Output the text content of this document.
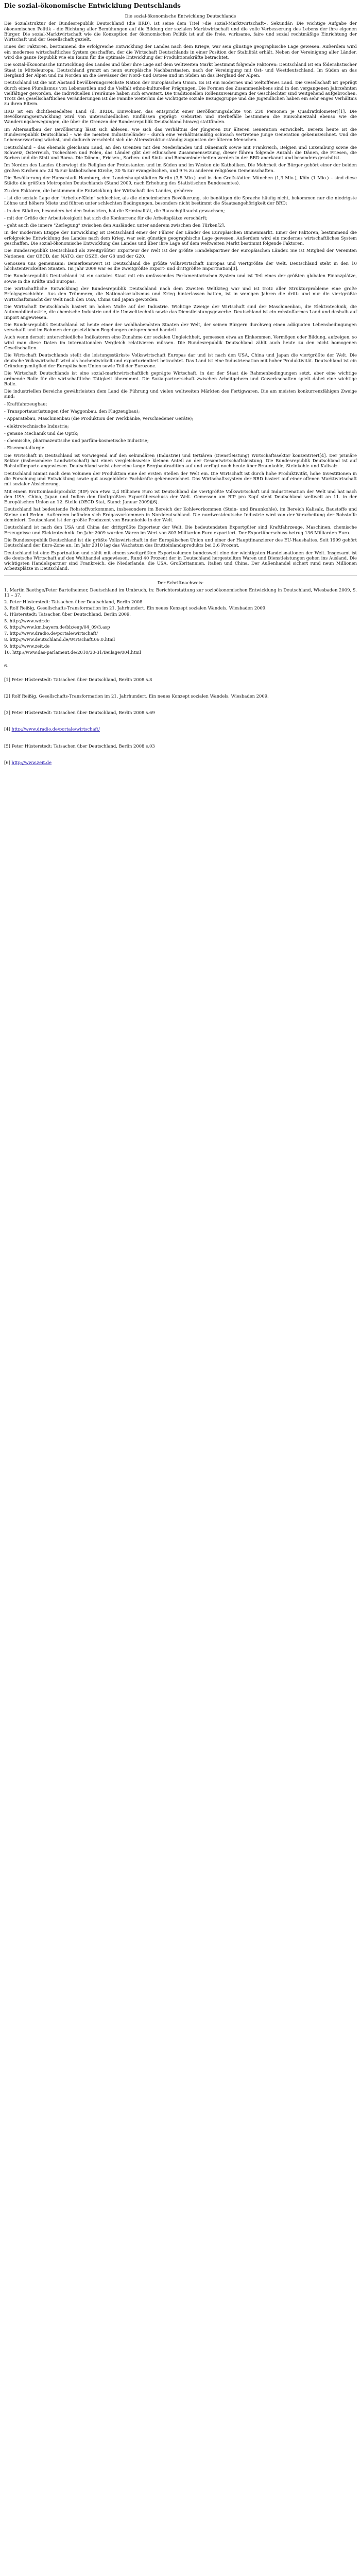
Die sozial-ökonomische Entwicklung Deutschlands

Die sozial-ökonomische Entwicklung Deutschlands

Die Sozialstruktur der Bundesrepublik Deutschland (die BRD), ist seine dem Titel »die sozial-Marktwirtschaft«. Sekundär: Die wichtige Aufgabe der ökonomischen Politik – die Richtung aller Bemühungen auf die Bildung der sozialen Marktwirtschaft und die volle Verbesserung des Lebens der ihre eigenen Bürger. Die sozial-Marktwirtschaft wie die Konzeption der ökonomischen Politik ist auf die freie, wirksame, faire und sozial rechtmäßige Einrichtung der Wirtschaft und der Gesellschaft gezielt.

Eines der Faktoren, bestimmend die erfolgreiche Entwicklung der Landes nach dem Kriege, war sein günstige geographische Lage gewesen. Außerdem wird ein modernes wirtschaftliches System geschaffen, der die Wirtschaft Deutschlands in einer Position der Stabilität erhält. Neben der Vereinigung aller Länder, wird die ganze Republik wie ein Raum für die optimale Entwicklung der Produktionskräfte betrachtet.

Die sozial-ökonomische Entwicklung des Landes und über ihre Lage auf dem weltweiten Markt bestimmt folgende Faktoren: Deutschland ist ein föderalistischer Staat in Mitteleuropa. Deutschland grenzt an neun europäische Nachbarstaaten, nach der Vereinigung mit Ost- und Westdeutschland. Im Süden an das Bergland der Alpen und im Norden an die Gewässer der Nord- und Ostsee und im Süden an das Bergland der Alpen.

Deutschland ist die mit Abstand bevölkerungsreichste Nation der Europäischen Union. Es ist ein modernes und weltoffenes Land. Die Gesellschaft ist geprägt durch einen Pluralismus von Lebensstilen und die Vielfalt ethno-kultureller Prägungen. Die Formen des Zusammenlebens sind in den vergangenen Jahrzehnten vielfältiger geworden, die individuellen Freiräume haben sich erweitert. Die traditionellen Rollenzuweisungen der Geschlechter sind weitgehend aufgebrochen. Trotz des gesellschaftlichen Veränderungen ist die Familie weiterhin die wichtigste soziale Bezugsgruppe und die Jugendlichen haben ein sehr enges Verhältnis zu ihren Eltern.

BRD ist ein dichtbesiedeltes Land (d. BRIDL Einwohner, das entspricht einer Bevölkerungsdichte von 230 Personen je Quadratkilometer)[1]. Die Bevölkerungsentwicklung wird von unterschiedlichen Einflüssen geprägt: Geburten und Sterbefälle bestimmen die Einwohnerzahl ebenso wie die Wanderungsbewegungen, die über die Grenzen der Bundesrepublik Deutschland hinweg stattfinden.

Im Altersaufbau der Bevölkerung lässt sich ablesen, wie sich das Verhältnis der jüngeren zur älteren Generation entwickelt. Bereits heute ist die Bundesrepublik Deutschland – wie die meisten Industrieländer – durch eine Verhältnismäßig schwach vertretene junge Generation gekennzeichnet. Und die Lebenserwartung wächst, und dadurch verschiebt sich die Altersstruktur ständig zugunsten der älteren Menschen.

Deutschland – das ehemals gleichsam Land, an den Grenzen mit den Niederlanden und Dänemark sowie mit Frankreich, Belgien und Luxemburg sowie die Schweiz, Österreich, Tschechien und Polen, das Länder gibt der ethnischen Zusammensetzung, dieser führen folgende Anzahl: die Dänen, die Friesen, die Sorben und die Sinti und Roma. Die Dänen-, Friesen-, Sorben- und Sinti- und Romaminderheiten werden in der BRD anerkannt und besonders geschützt.

Im Norden des Landes überwiegt die Religion der Protestanten und im Süden und im Westen die Katholiken. Die Mehrheit der Bürger gehört einer der beiden großen Kirchen an: 24 % zur katholischen Kirche, 30 % zur evangelischen, und 9 % zu anderen religiösen Gemeinschaften.

Die Bevölkerung der Hansestadt Hamburg, den Landeshauptstädten Berlin (3,5 Mio.) und in den Großstädten München (1,3 Mio.), Köln (1 Mio.) – sind diese Städte die größten Metropolen Deutschlands (Stand 2009, nach Erhebung des Statistischen Bundesamtes).

Zu den Faktoren, die bestimmen die Entwicklung der Wirtschaft des Landes, gehören:

- ist die soziale Lage der "Arbeiter-Klein" schlechter, als die einheimischen Bevölkerung, sie benötigen die Sprache häufig nicht, bekommen nur die niedrigste Löhne und höhere Miete und führen unter schlechten Bedingungen, besonders nicht bestimmt die Staatsangehörigkeit der BRD;

- in den Städten, besonders bei den Industrien, hat die Kriminalität, die Rauschgiftsucht gewachsen;

- mit der Größe der Arbeitslosigkeit hat sich die Konkurrenz für die Arbeitsplätze verschärft;

- geht auch die innere "Zerlegung" zwischen den Ausländer, unter anderem zwischen den Türken[2].

In der modernen Etappe der Entwicklung ist Deutschland einer der Führer der Länder des Europäischen Binnenmarkt. Einer der Faktoren, bestimmend die erfolgreiche Entwicklung des Landes nach dem Krieg, war sein günstige geographische Lage gewesen. Außerdem wird ein modernes wirtschaftliches System geschaffen. Die sozial-ökonomische Entwicklung des Landes und über ihre Lage auf dem weltweiten Markt bestimmt folgende Faktoren.

Die Bundesrepublik Deutschland als zweitgrößter Exporteur der Welt ist der größte Handelspartner der europäischen Länder. Sie ist Mitglied der Vereinten Nationen, der OECD, der NATO, der OSZE, der G8 und der G20.

Genossen uns gemeinsam: Bemerkenswert ist Deutschland die größte Volkswirtschaft Europas und viertgrößte der Welt. Deutschland steht in den 10 höchstentwickelten Staaten. Im Jahr 2009 war es die zweitgrößte Export- und drittgrößte Importnation[3].

Die Bundesrepublik Deutschland ist ein soziales Staat mit ein umfassendes Parlamentarischen System und ist Teil eines der größten globalen Finanzplätze, sowie in die Kräfte und Europas.

Die wirtschaftliche Entwicklung der Bundesrepublik Deutschland nach dem Zweiten Weltkrieg war und ist trotz aller Strukturprobleme eine große Erfolgsgeschichte. Aus den Trümmern, die Nationalsozialismus und Krieg hinterlassen hatten, ist in wenigen Jahren die dritt- und nur die viertgrößte Wirtschaftsmacht der Welt nach den USA, China und Japan geworden.

Die Wirtschaft Deutschlands basiert im hohen Maße auf der Industrie. Wichtige Zweige der Wirtschaft sind der Maschinenbau, die Elektrotechnik, die Automobilindustrie, die chemische Industrie und die Umwelttechnik sowie das Dienstleistungsgewerbe. Deutschland ist ein rohstoffarmes Land und deshalb auf Import angewiesen.

Die Bundesrepublik Deutschland ist heute einer der wohlhabendsten Staaten der Welt, der seinen Bürgern durchweg einen adäquaten Lebensbedingungen verschafft und im Rahmen der gesetzlichen Regelungen entsprechend handelt.

Auch wenn derzeit unterschiedliche Indikatoren eine Zunahme der sozialen Ungleichheit, gemessen etwa an Einkommen, Vermögen oder Bildung, aufzeigen, so wird man diese Daten im internationalen Vergleich relativieren müssen. Die Bundesrepublik Deutschland zählt auch heute zu den nicht homogenen Gesellschaften.

Die Wirtschaft Deutschlands stellt die leistungsstärkste Volkswirtschaft Europas dar und ist nach den USA, China und Japan die viertgrößte der Welt. Die deutsche Volkswirtschaft wird als hochentwickelt und exportorientiert betrachtet. Das Land ist eine Industrienation mit hoher Produktivität. Deutschland ist ein Gründungsmitglied der Europäischen Union sowie Teil der Eurozone.

Die Wirtschaft Deutschlands ist eine sozial-marktwirtschaftlich geprägte Wirtschaft, in der der Staat die Rahmenbedingungen setzt, aber eine wichtige ordnende Rolle für die wirtschaftliche Tätigkeit übernimmt. Die Sozialpartnerschaft zwischen Arbeitgebern und Gewerkschaften spielt dabei eine wichtige Rolle.

Die industriellen Bereiche gewährleisten dem Land die Führung und vielen weltweiten Märkten des Fertigwaren. Die am meisten konkurrenzfähigen Zweige sind:

- Kraftfahrzeugbau;

- Transportausrüstungen (der Waggonbau, den Flugzeugbau);

- Apparatebau, Maschinenbau (die Produktion der Werkbänke, verschiedener Geräte);

- elektrotechnische Industrie;

- genaue Mechanik und die Optik;

- chemische, pharmazeutische und parfüm-kosmetische Industrie;

- Eisenmetallurgie.

Die Wirtschaft in Deutschland ist vorwiegend auf den sekundären (Industrie) und tertiären (Dienstleistung) Wirtschaftssektor konzentriert[4]. Der primäre Sektor (insbesondere Landwirtschaft) hat einen vergleichsweise kleinen Anteil an der Gesamtwirtschaftsleistung. Die Bundesrepublik Deutschland ist auf Rohstoffimporte angewiesen. Deutschland weist aber eine lange Bergbautradition auf und verfügt noch heute über Braunkohle, Steinkohle und Kalisalz.

Deutschland nimmt nach dem Volumen der Produktion eine der ersten Stellen der Welt ein. Die Wirtschaft ist durch hohe Produktivität, hohe Investitionen in die Forschung und Entwicklung sowie gut ausgebildete Fachkräfte gekennzeichnet. Das Wirtschaftssystem der BRD basiert auf einer offenen Marktwirtschaft mit sozialer Absicherung.

Mit einem Bruttoinlandsprodukt (BIP) von etwa 2,4 Billionen Euro ist Deutschland die viertgrößte Volkswirtschaft und Industrienation der Welt und hat nach den USA, China, Japan und Indien den fünftgrößten Exportüberschuss der Welt. Gemessen am BIP pro Kopf steht Deutschland weltweit an 11. in der Europäischen Union an 12. Stelle (OECD Stat, Stand: Januar 2009)[6].

Deutschland hat bedeutende Rohstoffvorkommen, insbesondere im Bereich der Kohlevorkommen (Stein- und Braunkohle), im Bereich Kalisalz, Baustoffe und Steine und Erden. Außerdem befinden sich Erdgasvorkommen in Norddeutschland. Die nordwestdeutsche Industrie wird von der Verarbeitung der Rohstoffe dominiert. Deutschland ist der größte Produzent von Braunkohle in der Welt.

Deutschland ist nach den USA und China der drittgrößte Exporteur der Welt. Die bedeutendsten Exportgüter sind Kraftfahrzeuge, Maschinen, chemische Erzeugnisse und Elektrotechnik. Im Jahr 2009 wurden Waren im Wert von 803 Milliarden Euro exportiert. Der Exportüberschuss betrug 136 Milliarden Euro.

Die Bundesrepublik Deutschland ist die größte Volkswirtschaft in der Europäischen Union und einer der Hauptfinanzierer des EU-Haushaltes. Seit 1999 gehört Deutschland der Euro-Zone an. Im Jahr 2010 lag das Wachstum des Bruttoinlandsprodukts bei 3,6 Prozent.

Deutschland ist eine Exportnation und zählt mit einem zweitgrößten Exportvolumen bundesweit eine der wichtigsten Handelsnationen der Welt. Insgesamt ist die deutsche Wirtschaft auf den Welthandel angewiesen. Rund 40 Prozent der in Deutschland hergestellten Waren und Dienstleistungen gehen ins Ausland. Die wichtigsten Handelspartner sind Frankreich, die Niederlande, die USA, Großbritannien, Italien und China. Der Außenhandel sichert rund neun Millionen Arbeitsplätze in Deutschland.

Der Schriftnachweis:

1. Martin Baethge/Peter Bartelheimer, Deutschland im Umbruch, in: Berichterstattung zur sozioökonomischen Entwicklung in Deutschland, Wiesbaden 2009, S. 11 – 37.

2. Peter Hüsterstedt: Tatsachen über Deutschland, Berlin 2008

3. Rolf Reißig, Gesellschafts-Transformation im 21. Jahrhundert. Ein neues Konzept sozialen Wandels, Wiesbaden 2009.

4. Hüsterstedt: Tatsachen über Deutschland, Berlin 2009.

5. http://www.wdr.de

6. http://www.km.bayern.de/blz/eup/04_09/3.asp

7. http://www.dradio.de/portale/wirtschaft/

8. http://www.deutschland.de/Wirtschaft.06.0.html

9. http://www.zeit.de

10. http://www.das-parlament.de/2010/30-31/Beilage/004.html

6.

[1] Peter Hüsterstedt: Tatsachen über Deutschland, Berlin 2008 s.8

[2] Rolf Reißig, Gesellschafts-Transformation im 21. Jahrhundert. Ein neues Konzept sozialen Wandels, Wiesbaden 2009.

[3] Peter Hüsterstedt: Tatsachen über Deutschland, Berlin 2008 s.69

[4] http://www.dradio.de/portale/wirtschaft/

[5] Peter Hüsterstedt: Tatsachen über Deutschland, Berlin 2008 s.03

[6] http://www.zeit.de
